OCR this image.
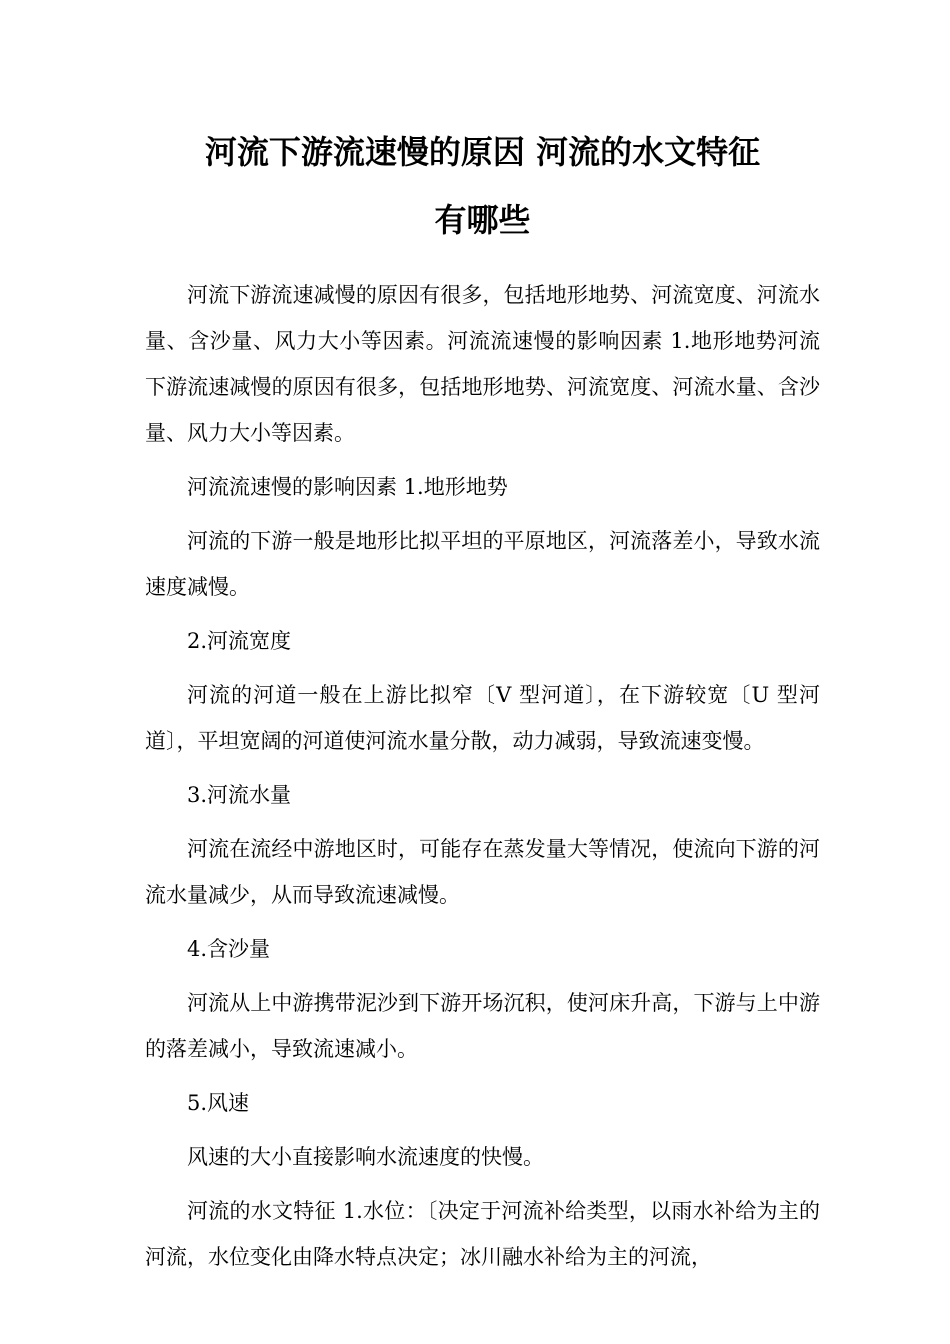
河流下游流速慢的原因 河流的水文特征
有哪些

河流下游流速减慢的原因有很多，包括地形地势、河流宽度、河流水量、含沙量、风力大小等因素。河流流速慢的影响因素 1.地形地势河流下游流速减慢的原因有很多，包括地形地势、河流宽度、河流水量、含沙量、风力大小等因素。

河流流速慢的影响因素 1.地形地势

河流的下游一般是地形比拟平坦的平原地区，河流落差小，导致水流速度减慢。

2.河流宽度

河流的河道一般在上游比拟窄〔V 型河道〕，在下游较宽〔U 型河道〕，平坦宽阔的河道使河流水量分散，动力减弱，导致流速变慢。

3.河流水量

河流在流经中游地区时，可能存在蒸发量大等情况，使流向下游的河流水量减少，从而导致流速减慢。

4.含沙量

河流从上中游携带泥沙到下游开场沉积，使河床升高，下游与上中游的落差减小，导致流速减小。

5.风速

风速的大小直接影响水流速度的快慢。

河流的水文特征 1.水位：〔决定于河流补给类型，以雨水补给为主的河流，水位变化由降水特点决定；冰川融水补给为主的河流，
